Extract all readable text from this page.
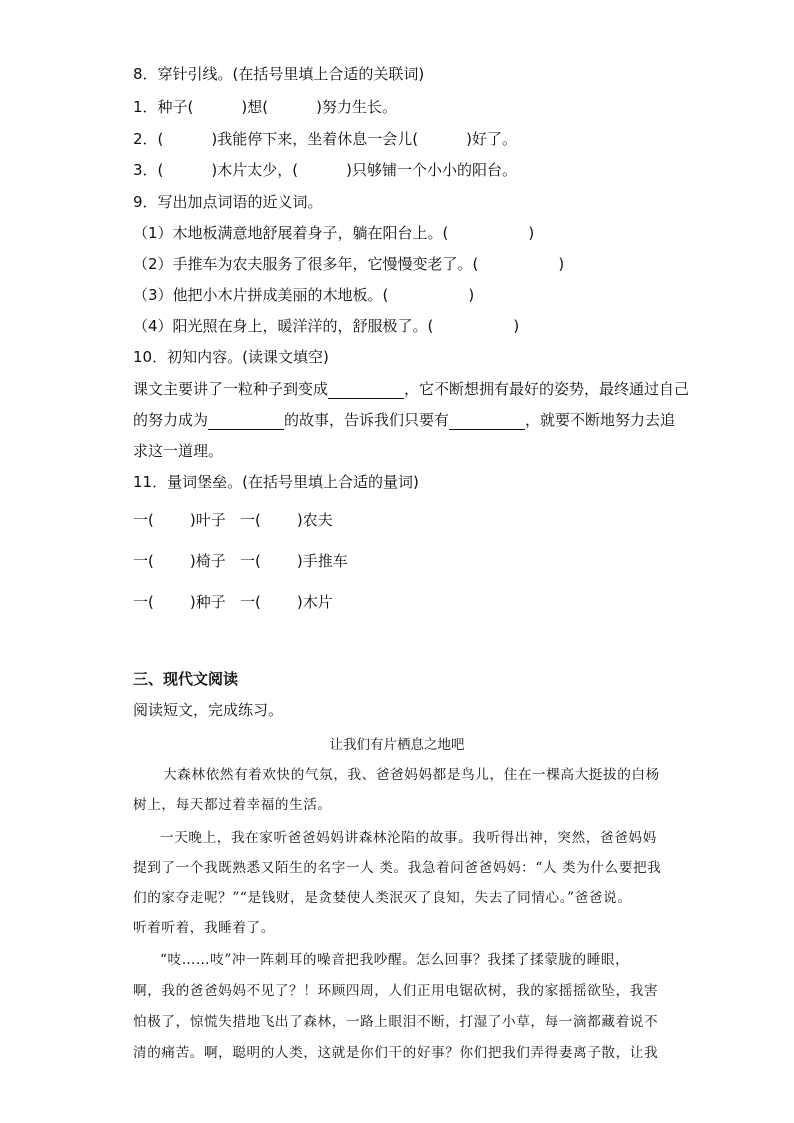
8．穿针引线。(在括号里填上合适的关联词)
1．种子(	)想(	)努力生长。
2．(	)我能停下来，坐着休息一会儿(	)好了。
3．(	)木片太少，(	)只够铺一个小小的阳台。
9．写出加点词语的近义词。
（1）木地板满意地舒展着身子，躺在阳台上。(	)
（2）手推车为农夫服务了很多年，它慢慢变老了。(	)
（3）他把小木片拼成美丽的木地板。(	)
（4）阳光照在身上，暖洋洋的，舒服极了。(	)
10．初知内容。(读课文填空)
课文主要讲了一粒种子到变成	，它不断想拥有最好的姿势，最终通过自己
的努力成为	的故事，告诉我们只要有	，就要不断地努力去追
求这一道理。
11．量词堡垒。(在括号里填上合适的量词)
一( )叶子 一( )农夫
一( )椅子 一( )手推车
一( )种子 一( )木片
三、现代文阅读
阅读短文，完成练习。
让我们有片栖息之地吧
大森林依然有着欢快的气氛，我、爸爸妈妈都是鸟儿，住在一棵高大挺拔的白杨
树上，每天都过着幸福的生活。
一天晚上，我在家听爸爸妈妈讲森林沦陷的故事。我听得出神，突然，爸爸妈妈
提到了一个我既熟悉又陌生的名字一人 类。我急着问爸爸妈妈：“人 类为什么要把我
们的家夺走呢？”“是钱财，是贪婪使人类泯灭了良知，失去了同情心。”爸爸说。
听着听着，我睡着了。
“吱……吱”冲一阵刺耳的噪音把我吵醒。怎么回事？我揉了揉蒙胧的睡眼，
啊，我的爸爸妈妈不见了？！环顾四周，人们正用电锯砍树，我的家摇摇欲坠，我害
怕极了，惊慌失措地飞出了森林，一路上眼泪不断，打湿了小草，每一滴都藏着说不
清的痛苦。啊，聪明的人类，这就是你们干的好事？你们把我们弄得妻离子散，让我
